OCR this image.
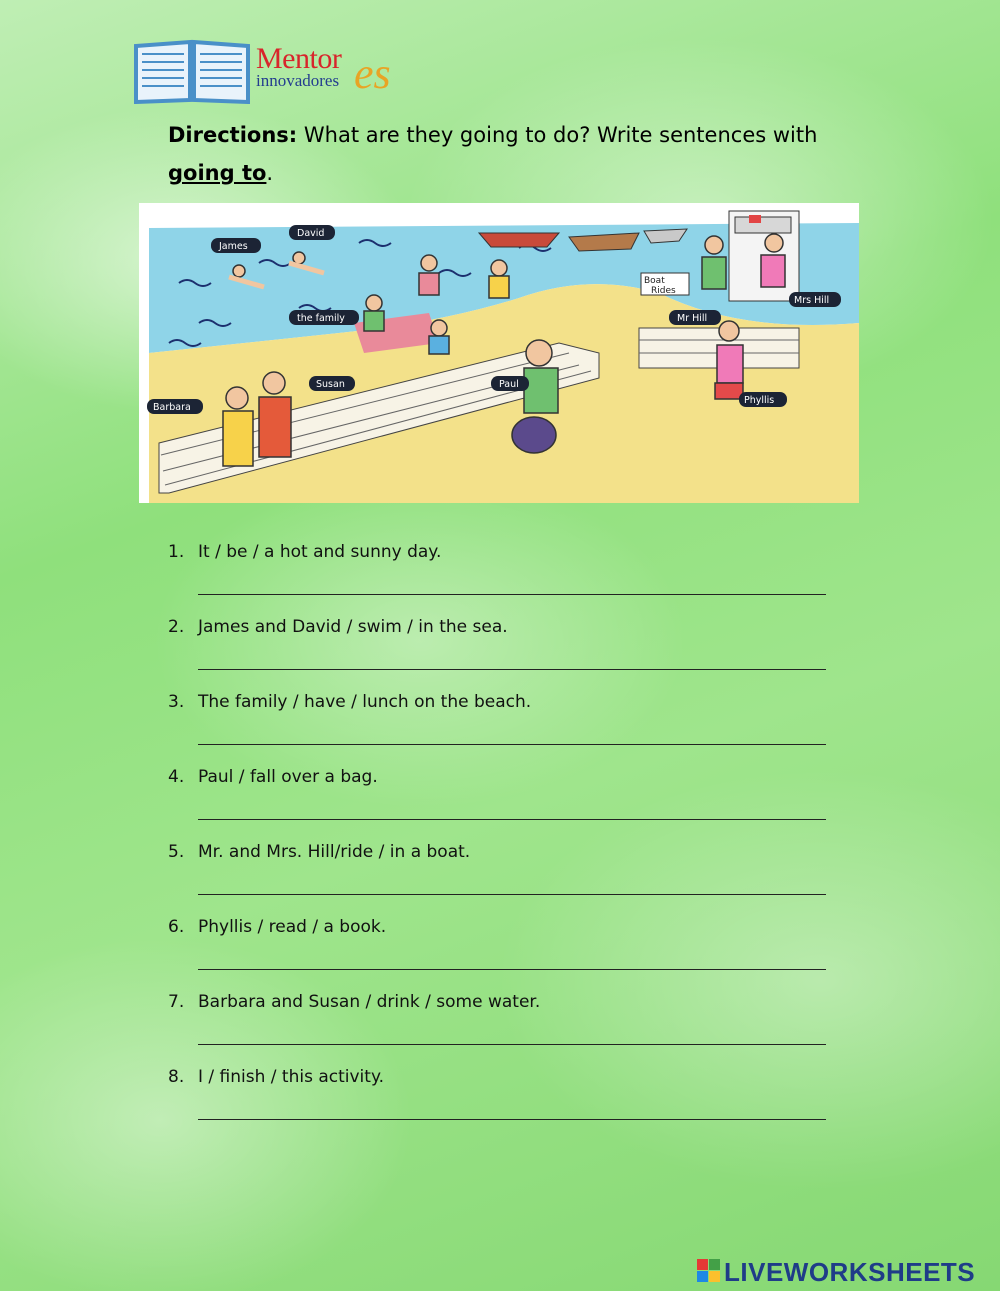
Mentor
innovadores es
Directions: What are they going to do? Write sentences with
going to.
James
David
the family
Boat
Rides
Mr Hill
Mrs Hill
Susan
Barbara
Paul
Phyllis
1. It / be / a hot and sunny day.
2. James and David / swim / in the sea.
3. The family / have / lunch on the beach.
4. Paul / fall over a bag.
5. Mr. and Mrs. Hill/ride / in a boat.
6. Phyllis / read / a book.
7. Barbara and Susan / drink / some water.
8. I / finish / this activity.
LIVEWORKSHEETS
